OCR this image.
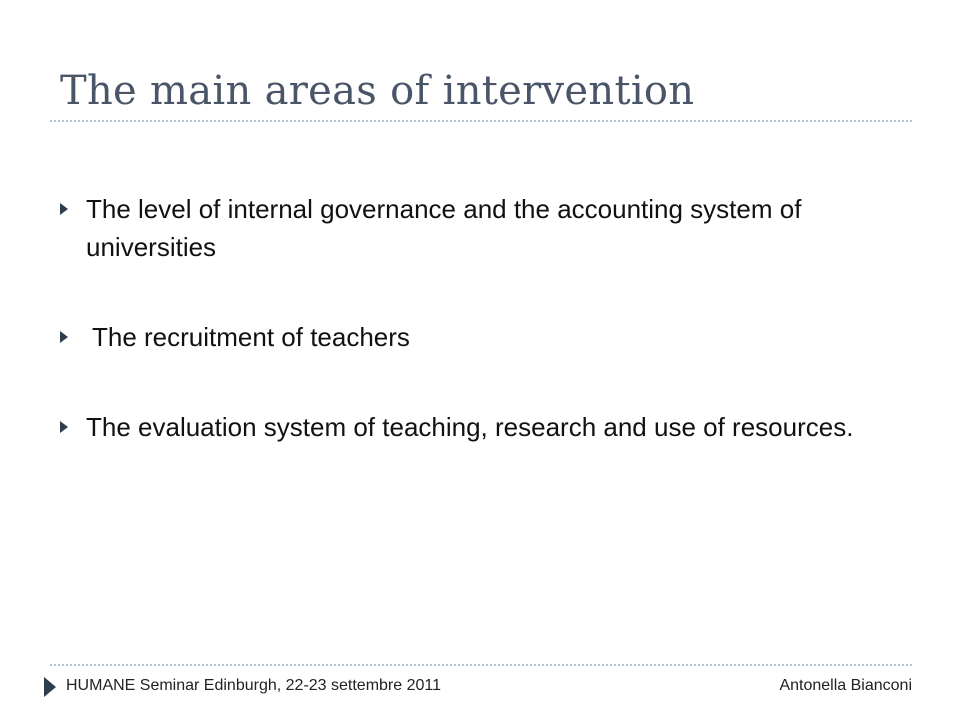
The main areas of intervention
The level of internal governance and the accounting system of universities
The recruitment of teachers
The evaluation system of teaching, research and use of resources.
HUMANE Seminar Edinburgh, 22-23 settembre 2011	Antonella Bianconi
